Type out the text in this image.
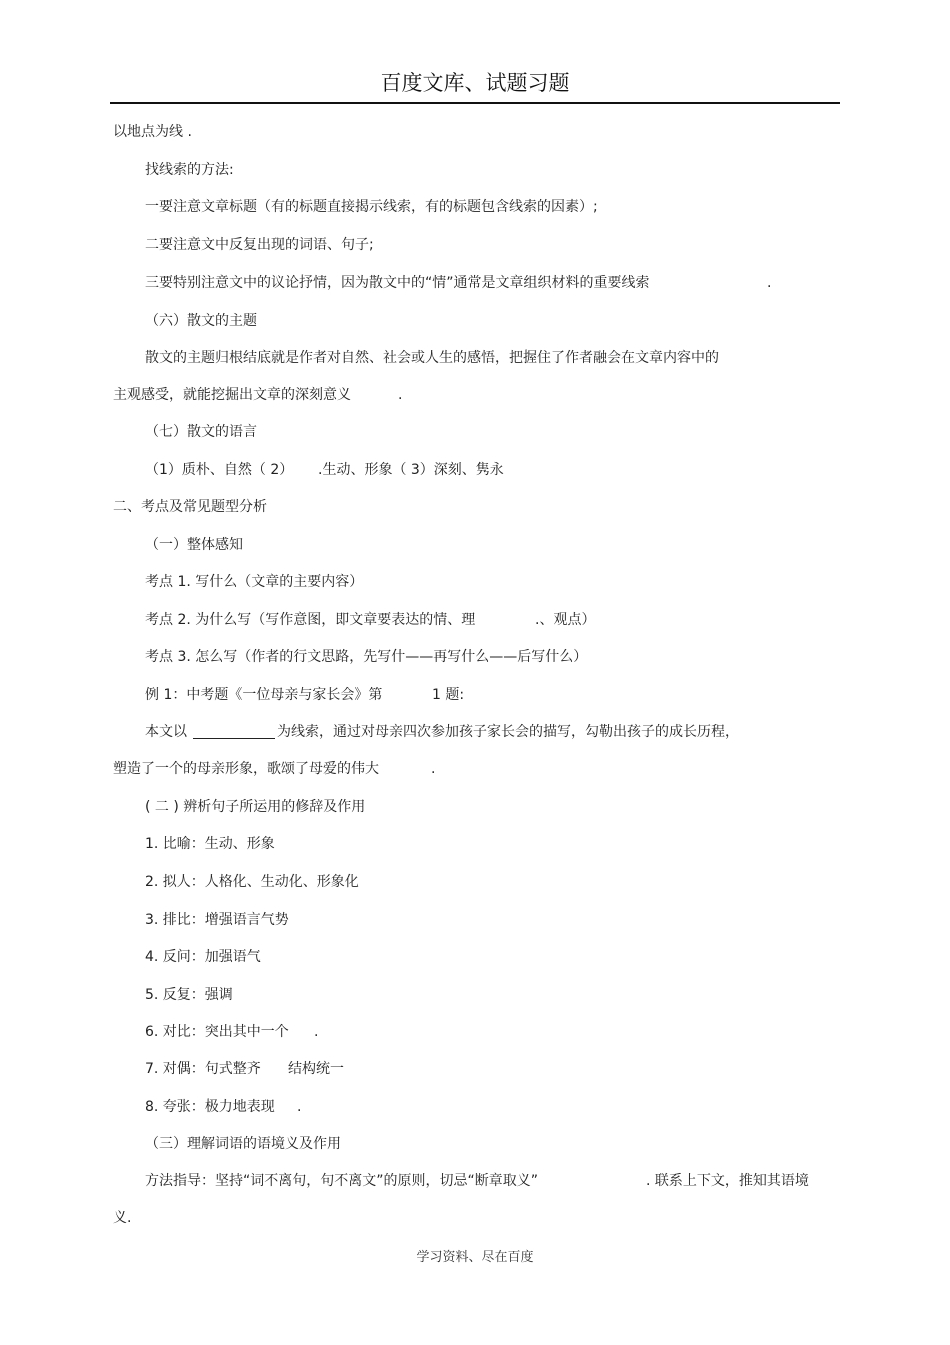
百度文库、试题习题
以地点为线 .
找线索的方法:
一要注意文章标题（有的标题直接揭示线索，有的标题包含线索的因素）;
二要注意文中反复出现的词语、句子;
三要特别注意文中的议论抒情，因为散文中的“情”通常是文章组织材料的重要线索	.
（六）散文的主题
散文的主题归根结底就是作者对自然、社会或人生的感悟，把握住了作者融会在文章内容中的
主观感受，就能挖掘出文章的深刻意义	.
（七）散文的语言
（1）质朴、自然（ 2） .生动、形象（ 3）深刻、隽永
二、考点及常见题型分析
（一）整体感知
考点 1. 写什么（文章的主要内容）
考点 2. 为什么写（写作意图，即文章要表达的情、理	.、观点）
考点 3. 怎么写（作者的行文思路，先写什——再写什么——后写什么）
例 1：中考题《一位母亲与家长会》第	1 题:
本文以	为线索，通过对母亲四次参加孩子家长会的描写，勾勒出孩子的成长历程，
塑造了一个的母亲形象，歌颂了母爱的伟大	.
( 二 ) 辨析句子所运用的修辞及作用
1. 比喻：生动、形象
2. 拟人：人格化、生动化、形象化
3. 排比：增强语言气势
4. 反问：加强语气
5. 反复：强调
6. 对比：突出其中一个 .
7. 对偶：句式整齐 结构统一
8. 夸张：极力地表现 .
（三）理解词语的语境义及作用
方法指导：坚持“词不离句，句不离文”的原则，切忌“断章取义”	. 联系上下文，推知其语境
义.
学习资料、尽在百度
